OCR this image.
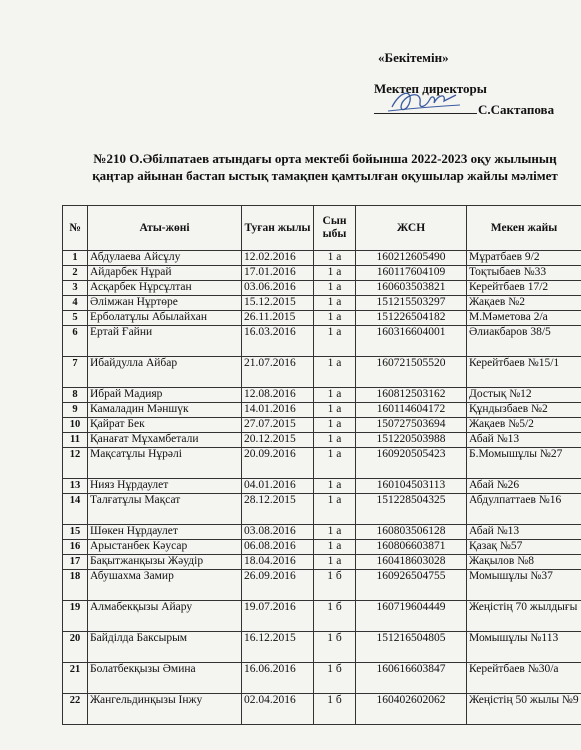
«Бекітемін»
Мектеп директоры
С.Сактапова
№210 О.Әбілпатаев атындағы орта мектебі бойынша 2022-2023 оқу жылының қаңтар айынан бастап ыстық тамақпен қамтылған оқушылар жайлы мәлімет
№	Аты-жөні	Туған жылы	Сын ыбы	ЖСН	Мекен жайы
1	Абдулаева Айсұлу	12.02.2016	1 а	160212605490	Мұратбаев 9/2
2	Айдарбек Нұрай	17.01.2016	1 а	160117604109	Тоқтыбаев №33
3	Асқарбек Нұрсұлтан	03.06.2016	1 а	160603503821	Керейтбаев 17/2
4	Әлімжан Нұртөре	15.12.2015	1 а	151215503297	Жақаев №2
5	Ерболатұлы Абылайхан	26.11.2015	1 а	151226504182	М.Мәметова 2/а
6	Ертай Ғайни	16.03.2016	1 а	160316604001	Әлиакбаров 38/5
7	Ибайдулла Айбар	21.07.2016	1 а	160721505520	Керейтбаев №15/1
8	Ибрай Мадияр	12.08.2016	1 а	160812503162	Достық №12
9	Камаладин Мәншүк	14.01.2016	1 а	160114604172	Құндызбаев №2
10	Қайрат Бек	27.07.2015	1 а	150727503694	Жақаев №5/2
11	Қанағат Мұхамбетали	20.12.2015	1 а	151220503988	Абай №13
12	Мақсатұлы Нұрәлі	20.09.2016	1 а	160920505423	Б.Момышұлы №27
13	Нияз Нұрдаулет	04.01.2016	1 а	160104503113	Абай №26
14	Талғатұлы Мақсат	28.12.2015	1 а	151228504325	Абдулпаттаев №16
15	Шөкен Нұрдаулет	03.08.2016	1 а	160803506128	Абай №13
16	Арыстанбек Кәусар	06.08.2016	1 а	160806603871	Қазақ №57
17	Бақытжанқызы Жәудір	18.04.2016	1 а	160418603028	Жақылов №8
18	Абушахма Замир	26.09.2016	1 б	160926504755	Момышұлы №37
19	Алмабекқызы Айару	19.07.2016	1 б	160719604449	Жеңістің 70 жылдығы
20	Байділда Баксырым	16.12.2015	1 б	151216504805	Момышұлы №113
21	Болатбекқызы Әмина	16.06.2016	1 б	160616603847	Керейтбаев №30/а
22	Жангельдинқызы Інжу	02.04.2016	1 б	160402602062	Жеңістің 50 жылы №9
